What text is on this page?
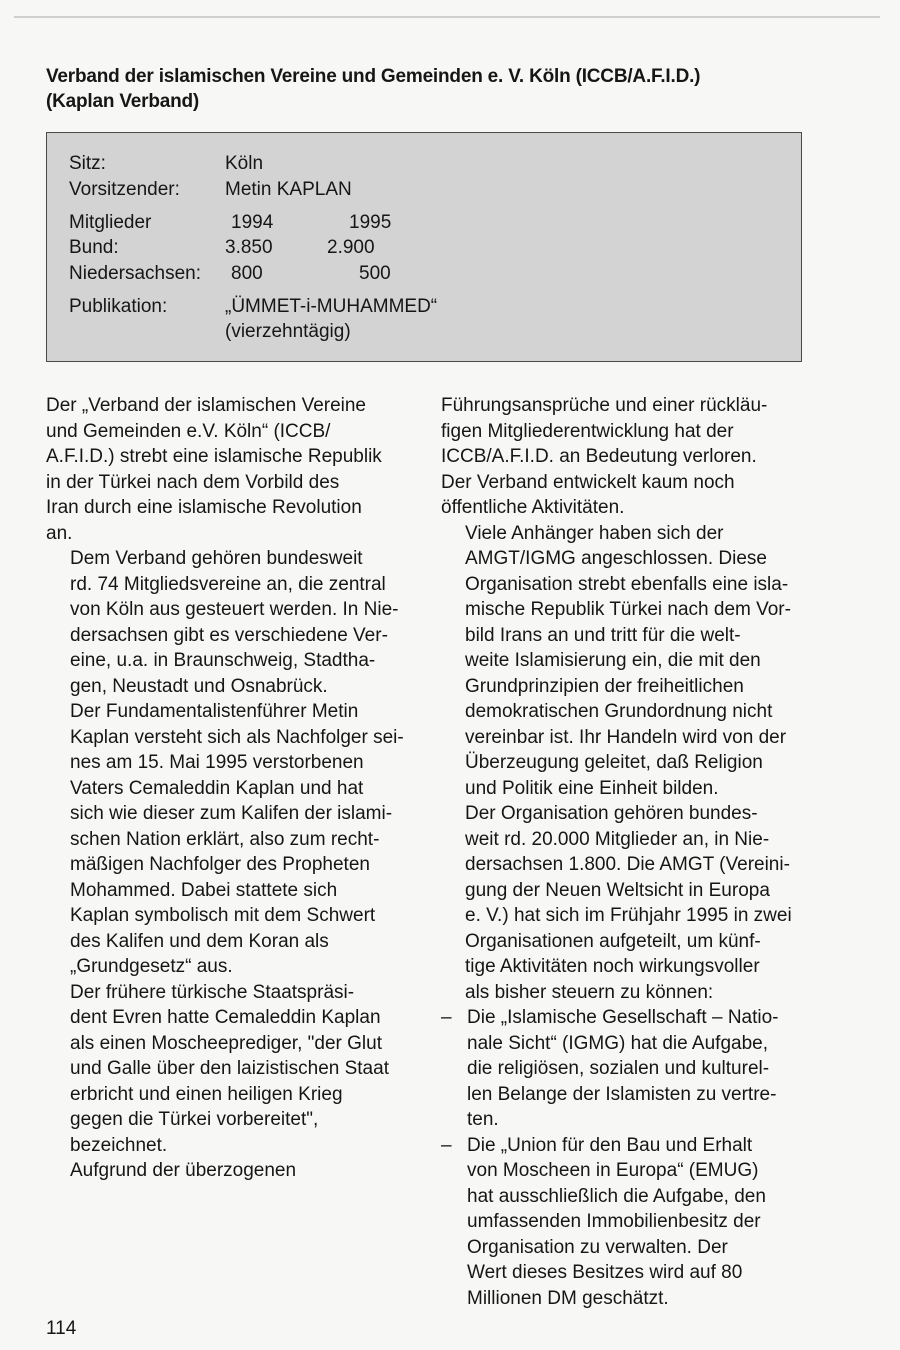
Verband der islamischen Vereine und Gemeinden e. V. Köln (ICCB/A.F.I.D.)
(Kaplan Verband)
Sitz:	Köln
Vorsitzender: Metin KAPLAN
Mitglieder	1994	1995
Bund:	3.850	2.900
Niedersachsen: 800	500
Publikation:	„ÜMMET-i-MUHAMMED“
(vierzehntägig)

Der „Verband der islamischen Vereine
und Gemeinden e.V. Köln“ (ICCB/
A.F.I.D.) strebt eine islamische Republik
in der Türkei nach dem Vorbild des
Iran durch eine islamische Revolution
an.

Dem Verband gehören bundesweit
rd. 74 Mitgliedsvereine an, die zentral
von Köln aus gesteuert werden. In Nie-
dersachsen gibt es verschiedene Ver-
eine, u.a. in Braunschweig, Stadtha-
gen, Neustadt und Osnabrück.

Der Fundamentalistenführer Metin
Kaplan versteht sich als Nachfolger sei-
nes am 15. Mai 1995 verstorbenen
Vaters Cemaleddin Kaplan und hat
sich wie dieser zum Kalifen der islami-
schen Nation erklärt, also zum recht-
mäßigen Nachfolger des Propheten
Mohammed. Dabei stattete sich
Kaplan symbolisch mit dem Schwert
des Kalifen und dem Koran als
„Grundgesetz“ aus.

Der frühere türkische Staatspräsi-
dent Evren hatte Cemaleddin Kaplan
als einen Moscheeprediger, "der Glut
und Galle über den laizistischen Staat
erbricht und einen heiligen Krieg
gegen die Türkei vorbereitet",
bezeichnet.

Aufgrund der überzogenen

Führungsansprüche und einer rückläu-
figen Mitgliederentwicklung hat der
ICCB/A.F.I.D. an Bedeutung verloren.
Der Verband entwickelt kaum noch
öffentliche Aktivitäten.

Viele Anhänger haben sich der
AMGT/IGMG angeschlossen. Diese
Organisation strebt ebenfalls eine isla-
mische Republik Türkei nach dem Vor-
bild Irans an und tritt für die welt-
weite Islamisierung ein, die mit den
Grundprinzipien der freiheitlichen
demokratischen Grundordnung nicht
vereinbar ist. Ihr Handeln wird von der
Überzeugung geleitet, daß Religion
und Politik eine Einheit bilden.

Der Organisation gehören bundes-
weit rd. 20.000 Mitglieder an, in Nie-
dersachsen 1.800. Die AMGT (Vereini-
gung der Neuen Weltsicht in Europa
e. V.) hat sich im Frühjahr 1995 in zwei
Organisationen aufgeteilt, um künf-
tige Aktivitäten noch wirkungsvoller
als bisher steuern zu können:

– Die „Islamische Gesellschaft – Natio-
nale Sicht“ (IGMG) hat die Aufgabe,
die religiösen, sozialen und kulturel-
len Belange der Islamisten zu vertre-
ten.
– Die „Union für den Bau und Erhalt
von Moscheen in Europa“ (EMUG)
hat ausschließlich die Aufgabe, den
umfassenden Immobilienbesitz der
Organisation zu verwalten. Der
Wert dieses Besitzes wird auf 80
Millionen DM geschätzt.
114
